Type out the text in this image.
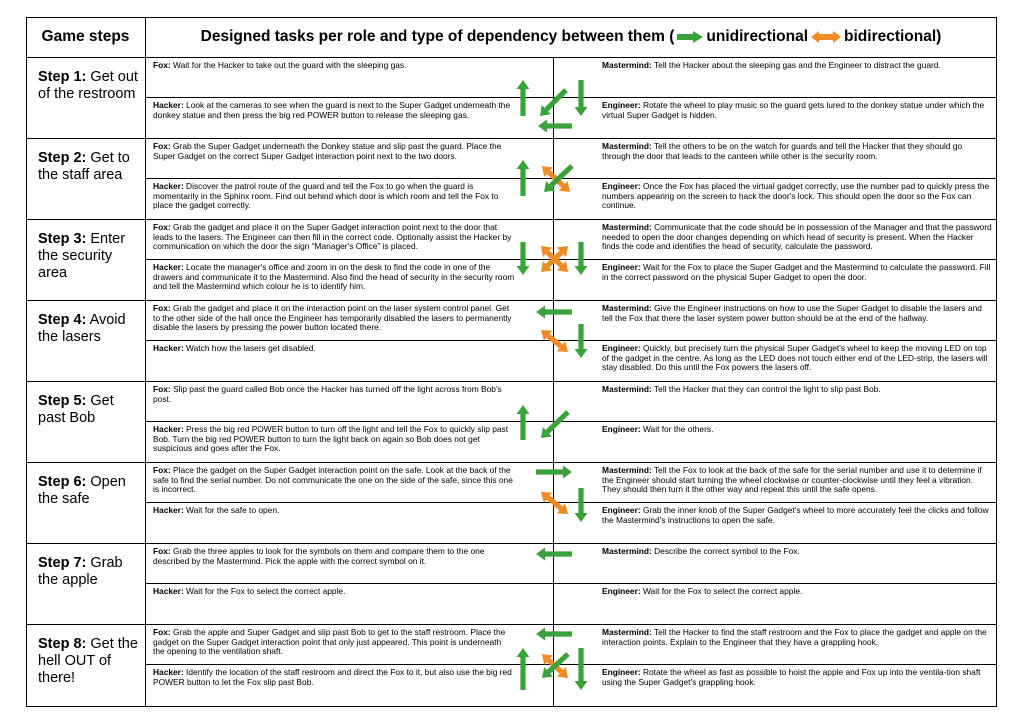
Game steps	Designed tasks per role and type of dependency between them ( unidirectional bidirectional)
Step 1: Get out of the restroom
Fox: Wait for the Hacker to take out the guard with the sleeping gas.
Hacker: Look at the cameras to see when the guard is next to the Super Gadget underneath the donkey statue and then press the big red POWER button to release the sleeping gas.
Mastermind: Tell the Hacker about the sleeping gas and the Engineer to distract the guard.
Engineer: Rotate the wheel to play music so the guard gets lured to the donkey statue under which the virtual Super Gadget is hidden.
Step 2: Get to the staff area
Fox: Grab the Super Gadget underneath the Donkey statue and slip past the guard. Place the Super Gadget on the correct Super Gadget interaction point next to the two doors.
Hacker: Discover the patrol route of the guard and tell the Fox to go when the guard is momentarily in the Sphinx room. Find out behind which door is which room and tell the Fox to place the gadget correctly.
Mastermind: Tell the others to be on the watch for guards and tell the Hacker that they should go through the door that leads to the canteen while other is the security room.
Engineer: Once the Fox has placed the virtual gadget correctly, use the number pad to quickly press the numbers appearing on the screen to hack the door's lock. This should open the door so the Fox can continue.
Step 3: Enter the security area
Fox: Grab the gadget and place it on the Super Gadget interaction point next to the door that leads to the lasers. The Engineer can then fill in the correct code. Optionally assist the Hacker by communication on which the door the sign “Manager's Office” is placed.
Hacker: Locate the manager's office and zoom in on the desk to find the code in one of the drawers and communicate it to the Mastermind. Also find the head of security in the security room and tell the Mastermind which colour he is to identify him.
Mastermind: Communicate that the code should be in possession of the Manager and that the password needed to open the door changes depending on which head of security is present. When the Hacker finds the code and identifies the head of security, calculate the password.
Engineer: Wait for the Fox to place the Super Gadget and the Mastermind to calculate the password. Fill in the correct password on the physical Super Gadget to open the door.
Step 4: Avoid the lasers
Fox: Grab the gadget and place it on the interaction point on the laser system control panel. Get to the other side of the hall once the Engineer has temporarily disabled the lasers to permanently disable the lasers by pressing the power button located there.
Hacker: Watch how the lasers get disabled.
Mastermind: Give the Engineer instructions on how to use the Super Gadget to disable the lasers and tell the Fox that there the laser system power button should be at the end of the hallway.
Engineer: Quickly, but precisely turn the physical Super Gadget's wheel to keep the moving LED on top of the gadget in the centre. As long as the LED does not touch either end of the LED-strip, the lasers will stay disabled. Do this until the Fox powers the lasers off.
Step 5: Get past Bob
Fox: Slip past the guard called Bob once the Hacker has turned off the light across from Bob's post.
Hacker: Press the big red POWER button to turn off the light and tell the Fox to quickly slip past Bob. Turn the big red POWER button to turn the light back on again so Bob does not get suspicious and goes after the Fox.
Mastermind: Tell the Hacker that they can control the light to slip past Bob.
Engineer: Wait for the others.
Step 6: Open the safe
Fox: Place the gadget on the Super Gadget interaction point on the safe. Look at the back of the safe to find the serial number. Do not communicate the one on the side of the safe, since this one is incorrect.
Hacker: Wait for the safe to open.
Mastermind: Tell the Fox to look at the back of the safe for the serial number and use it to determine if the Engineer should start turning the wheel clockwise or counter-clockwise until they feel a vibration. They should then turn it the other way and repeat this until the safe opens.
Engineer: Grab the inner knob of the Super Gadget's wheel to more accurately feel the clicks and follow the Mastermind's instructions to open the safe.
Step 7: Grab the apple
Fox: Grab the three apples to look for the symbols on them and compare them to the one described by the Mastermind. Pick the apple with the correct symbol on it.
Hacker: Wait for the Fox to select the correct apple.
Mastermind: Describe the correct symbol to the Fox.
Engineer: Wait for the Fox to select the correct apple.
Step 8: Get the hell OUT of there!
Fox: Grab the apple and Super Gadget and slip past Bob to get to the staff restroom. Place the gadget on the Super Gadget interaction point that only just appeared. This point is underneath the opening to the ventilation shaft.
Hacker: Identify the location of the staff restroom and direct the Fox to it, but also use the big red POWER button to let the Fox slip past Bob.
Mastermind: Tell the Hacker to find the staff restroom and the Fox to place the gadget and apple on the interaction points. Explain to the Engineer that they have a grappling hook.
Engineer: Rotate the wheel as fast as possible to hoist the apple and Fox up into the ventila-tion shaft using the Super Gadget's grappling hook.
